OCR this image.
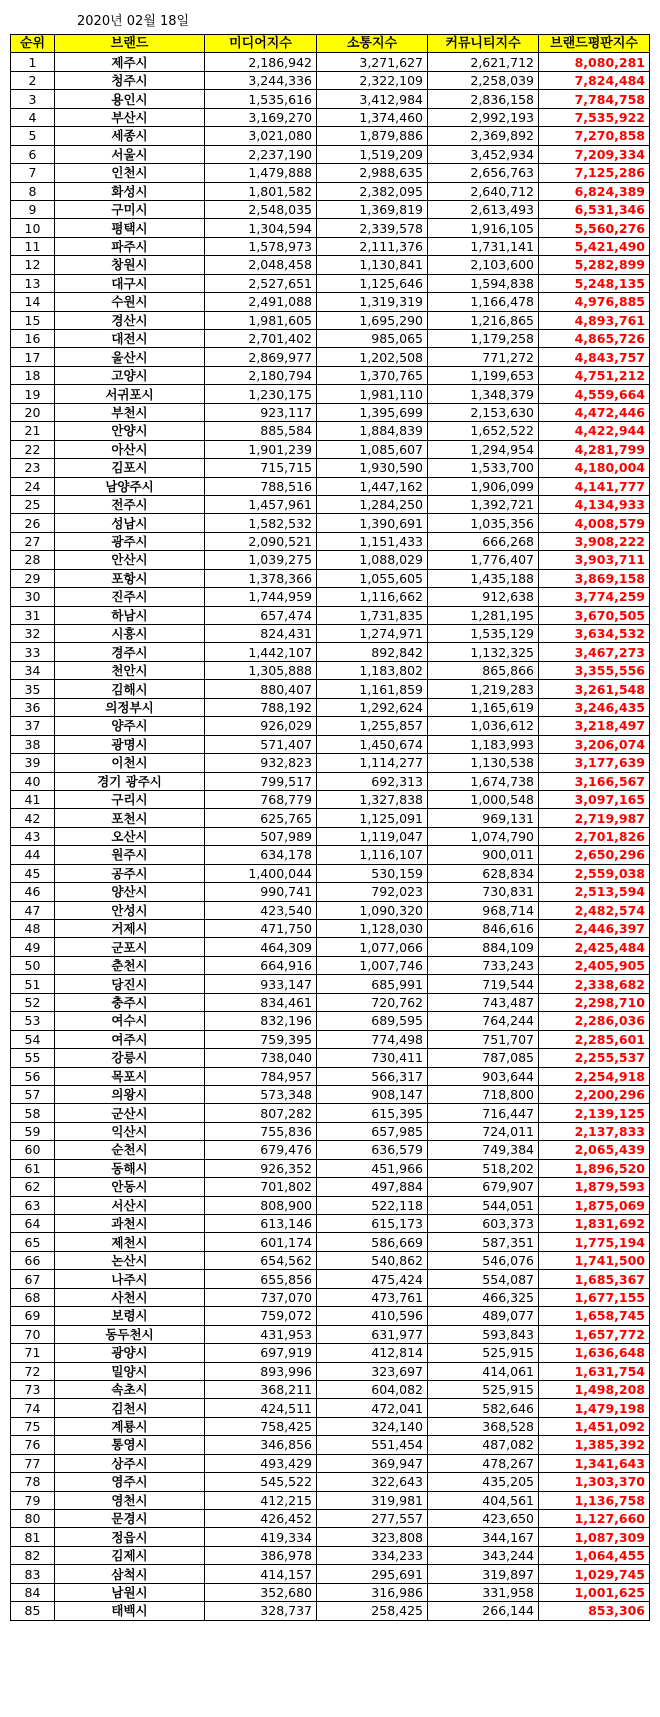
2020년 02월 18일
순위	브랜드	미디어지수	소통지수	커뮤니티지수	브랜드평판지수
1	제주시	2,186,942	3,271,627	2,621,712	8,080,281
2	청주시	3,244,336	2,322,109	2,258,039	7,824,484
3	용인시	1,535,616	3,412,984	2,836,158	7,784,758
4	부산시	3,169,270	1,374,460	2,992,193	7,535,922
5	세종시	3,021,080	1,879,886	2,369,892	7,270,858
6	서울시	2,237,190	1,519,209	3,452,934	7,209,334
7	인천시	1,479,888	2,988,635	2,656,763	7,125,286
8	화성시	1,801,582	2,382,095	2,640,712	6,824,389
9	구미시	2,548,035	1,369,819	2,613,493	6,531,346
10	평택시	1,304,594	2,339,578	1,916,105	5,560,276
11	파주시	1,578,973	2,111,376	1,731,141	5,421,490
12	창원시	2,048,458	1,130,841	2,103,600	5,282,899
13	대구시	2,527,651	1,125,646	1,594,838	5,248,135
14	수원시	2,491,088	1,319,319	1,166,478	4,976,885
15	경산시	1,981,605	1,695,290	1,216,865	4,893,761
16	대전시	2,701,402	985,065	1,179,258	4,865,726
17	울산시	2,869,977	1,202,508	771,272	4,843,757
18	고양시	2,180,794	1,370,765	1,199,653	4,751,212
19	서귀포시	1,230,175	1,981,110	1,348,379	4,559,664
20	부천시	923,117	1,395,699	2,153,630	4,472,446
21	안양시	885,584	1,884,839	1,652,522	4,422,944
22	아산시	1,901,239	1,085,607	1,294,954	4,281,799
23	김포시	715,715	1,930,590	1,533,700	4,180,004
24	남양주시	788,516	1,447,162	1,906,099	4,141,777
25	전주시	1,457,961	1,284,250	1,392,721	4,134,933
26	성남시	1,582,532	1,390,691	1,035,356	4,008,579
27	광주시	2,090,521	1,151,433	666,268	3,908,222
28	안산시	1,039,275	1,088,029	1,776,407	3,903,711
29	포항시	1,378,366	1,055,605	1,435,188	3,869,158
30	진주시	1,744,959	1,116,662	912,638	3,774,259
31	하남시	657,474	1,731,835	1,281,195	3,670,505
32	시흥시	824,431	1,274,971	1,535,129	3,634,532
33	경주시	1,442,107	892,842	1,132,325	3,467,273
34	천안시	1,305,888	1,183,802	865,866	3,355,556
35	김해시	880,407	1,161,859	1,219,283	3,261,548
36	의정부시	788,192	1,292,624	1,165,619	3,246,435
37	양주시	926,029	1,255,857	1,036,612	3,218,497
38	광명시	571,407	1,450,674	1,183,993	3,206,074
39	이천시	932,823	1,114,277	1,130,538	3,177,639
40	경기 광주시	799,517	692,313	1,674,738	3,166,567
41	구리시	768,779	1,327,838	1,000,548	3,097,165
42	포천시	625,765	1,125,091	969,131	2,719,987
43	오산시	507,989	1,119,047	1,074,790	2,701,826
44	원주시	634,178	1,116,107	900,011	2,650,296
45	공주시	1,400,044	530,159	628,834	2,559,038
46	양산시	990,741	792,023	730,831	2,513,594
47	안성시	423,540	1,090,320	968,714	2,482,574
48	거제시	471,750	1,128,030	846,616	2,446,397
49	군포시	464,309	1,077,066	884,109	2,425,484
50	춘천시	664,916	1,007,746	733,243	2,405,905
51	당진시	933,147	685,991	719,544	2,338,682
52	충주시	834,461	720,762	743,487	2,298,710
53	여수시	832,196	689,595	764,244	2,286,036
54	여주시	759,395	774,498	751,707	2,285,601
55	강릉시	738,040	730,411	787,085	2,255,537
56	목포시	784,957	566,317	903,644	2,254,918
57	의왕시	573,348	908,147	718,800	2,200,296
58	군산시	807,282	615,395	716,447	2,139,125
59	익산시	755,836	657,985	724,011	2,137,833
60	순천시	679,476	636,579	749,384	2,065,439
61	동해시	926,352	451,966	518,202	1,896,520
62	안동시	701,802	497,884	679,907	1,879,593
63	서산시	808,900	522,118	544,051	1,875,069
64	과천시	613,146	615,173	603,373	1,831,692
65	제천시	601,174	586,669	587,351	1,775,194
66	논산시	654,562	540,862	546,076	1,741,500
67	나주시	655,856	475,424	554,087	1,685,367
68	사천시	737,070	473,761	466,325	1,677,155
69	보령시	759,072	410,596	489,077	1,658,745
70	동두천시	431,953	631,977	593,843	1,657,772
71	광양시	697,919	412,814	525,915	1,636,648
72	밀양시	893,996	323,697	414,061	1,631,754
73	속초시	368,211	604,082	525,915	1,498,208
74	김천시	424,511	472,041	582,646	1,479,198
75	계룡시	758,425	324,140	368,528	1,451,092
76	통영시	346,856	551,454	487,082	1,385,392
77	상주시	493,429	369,947	478,267	1,341,643
78	영주시	545,522	322,643	435,205	1,303,370
79	영천시	412,215	319,981	404,561	1,136,758
80	문경시	426,452	277,557	423,650	1,127,660
81	정읍시	419,334	323,808	344,167	1,087,309
82	김제시	386,978	334,233	343,244	1,064,455
83	삼척시	414,157	295,691	319,897	1,029,745
84	남원시	352,680	316,986	331,958	1,001,625
85	태백시	328,737	258,425	266,144	853,306
